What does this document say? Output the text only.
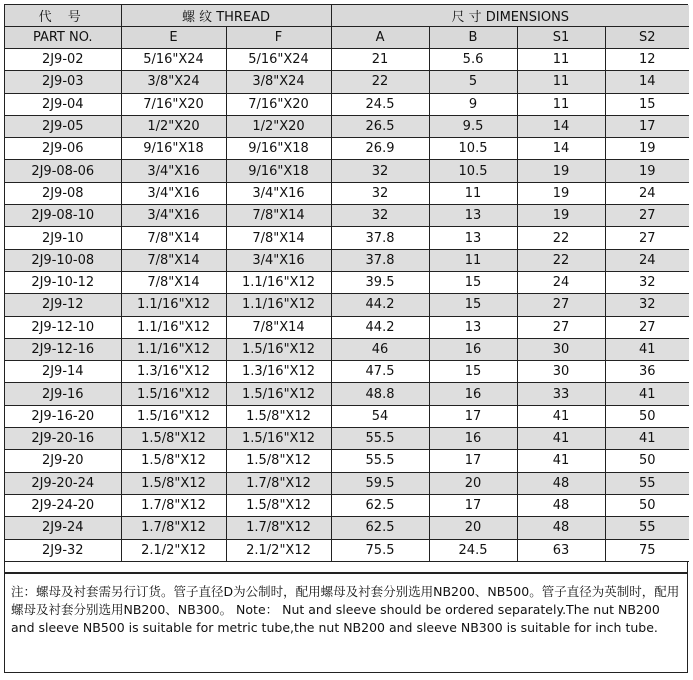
代 号	螺 纹 THREAD		尺 寸 DIMENSIONS			
PART NO.	E	F	A	B	S1	S2
2J9-02	5/16"X24	5/16"X24	21	5.6	11	12
2J9-03	3/8"X24	3/8"X24	22	5	11	14
2J9-04	7/16"X20	7/16"X20	24.5	9	11	15
2J9-05	1/2"X20	1/2"X20	26.5	9.5	14	17
2J9-06	9/16"X18	9/16"X18	26.9	10.5	14	19
2J9-08-06	3/4"X16	9/16"X18	32	10.5	19	19
2J9-08	3/4"X16	3/4"X16	32	11	19	24
2J9-08-10	3/4"X16	7/8"X14	32	13	19	27
2J9-10	7/8"X14	7/8"X14	37.8	13	22	27
2J9-10-08	7/8"X14	3/4"X16	37.8	11	22	24
2J9-10-12	7/8"X14	1.1/16"X12	39.5	15	24	32
2J9-12	1.1/16"X12	1.1/16"X12	44.2	15	27	32
2J9-12-10	1.1/16"X12	7/8"X14	44.2	13	27	27
2J9-12-16	1.1/16"X12	1.5/16"X12	46	16	30	41
2J9-14	1.3/16"X12	1.3/16"X12	47.5	15	30	36
2J9-16	1.5/16"X12	1.5/16"X12	48.8	16	33	41
2J9-16-20	1.5/16"X12	1.5/8"X12	54	17	41	50
2J9-20-16	1.5/8"X12	1.5/16"X12	55.5	16	41	41
2J9-20	1.5/8"X12	1.5/8"X12	55.5	17	41	50
2J9-20-24	1.5/8"X12	1.7/8"X12	59.5	20	48	55
2J9-24-20	1.7/8"X12	1.5/8"X12	62.5	17	48	50
2J9-24	1.7/8"X12	1.7/8"X12	62.5	20	48	55
2J9-32	2.1/2"X12	2.1/2"X12	75.5	24.5	63	75
注：螺母及衬套需另行订货。管子直径D为公制时，配用螺母及衬套分别选用NB200、NB500。管子直径为英制时，配用螺母及衬套分别选用NB200、NB300。 Note： Nut and sleeve should be ordered separately.The nut NB200 and sleeve NB500 is suitable for metric tube,the nut NB200 and sleeve NB300 is suitable for inch tube.
